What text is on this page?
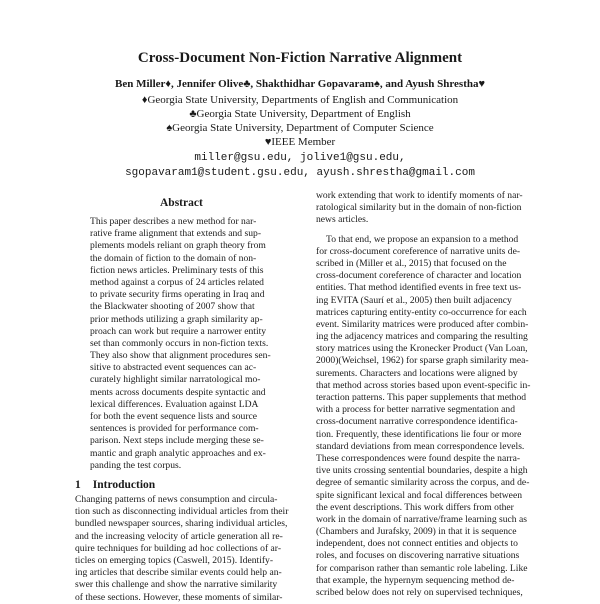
Cross-Document Non-Fiction Narrative Alignment
Ben Miller♦, Jennifer Olive♣, Shakthidhar Gopavaram♠, and Ayush Shrestha♥
♦Georgia State University, Departments of English and Communication
♣Georgia State University, Department of English
♠Georgia State University, Department of Computer Science
♥IEEE Member
miller@gsu.edu, jolive1@gsu.edu,
sgopavaram1@student.gsu.edu, ayush.shrestha@gmail.com
Abstract
This paper describes a new method for nar-
rative frame alignment that extends and sup-
plements models reliant on graph theory from
the domain of fiction to the domain of non-
fiction news articles. Preliminary tests of this
method against a corpus of 24 articles related
to private security firms operating in Iraq and
the Blackwater shooting of 2007 show that
prior methods utilizing a graph similarity ap-
proach can work but require a narrower entity
set than commonly occurs in non-fiction texts.
They also show that alignment procedures sen-
sitive to abstracted event sequences can ac-
curately highlight similar narratological mo-
ments across documents despite syntactic and
lexical differences. Evaluation against LDA
for both the event sequence lists and source
sentences is provided for performance com-
parison. Next steps include merging these se-
mantic and graph analytic approaches and ex-
panding the test corpus.
1 Introduction
Changing patterns of news consumption and circula-
tion such as disconnecting individual articles from their
bundled newspaper sources, sharing individual articles,
and the increasing velocity of article generation all re-
quire techniques for building ad hoc collections of ar-
ticles on emerging topics (Caswell, 2015). Identify-
ing articles that describe similar events could help an-
swer this challenge and show the narrative similarity
of these sections. However, these moments of similar-
work extending that work to identify moments of nar-
ratological similarity but in the domain of non-fiction
news articles.
To that end, we propose an expansion to a method
for cross-document coreference of narrative units de-
scribed in (Miller et al., 2015) that focused on the
cross-document coreference of character and location
entities. That method identified events in free text us-
ing EVITA (Saurí et al., 2005) then built adjacency
matrices capturing entity-entity co-occurrence for each
event. Similarity matrices were produced after combin-
ing the adjacency matrices and comparing the resulting
story matrices using the Kronecker Product (Van Loan,
2000)(Weichsel, 1962) for sparse graph similarity mea-
surements. Characters and locations were aligned by
that method across stories based upon event-specific in-
teraction patterns. This paper supplements that method
with a process for better narrative segmentation and
cross-document narrative correspondence identifica-
tion. Frequently, these identifications lie four or more
standard deviations from mean correspondence levels.
These correspondences were found despite the narra-
tive units crossing sentential boundaries, despite a high
degree of semantic similarity across the corpus, and de-
spite significant lexical and focal differences between
the event descriptions. This work differs from other
work in the domain of narrative/frame learning such as
(Chambers and Jurafsky, 2009) in that it is sequence
independent, does not connect entities and objects to
roles, and focuses on discovering narrative situations
for comparison rather than semantic role labeling. Like
that example, the hypernym sequencing method de-
scribed below does not rely on supervised techniques,
